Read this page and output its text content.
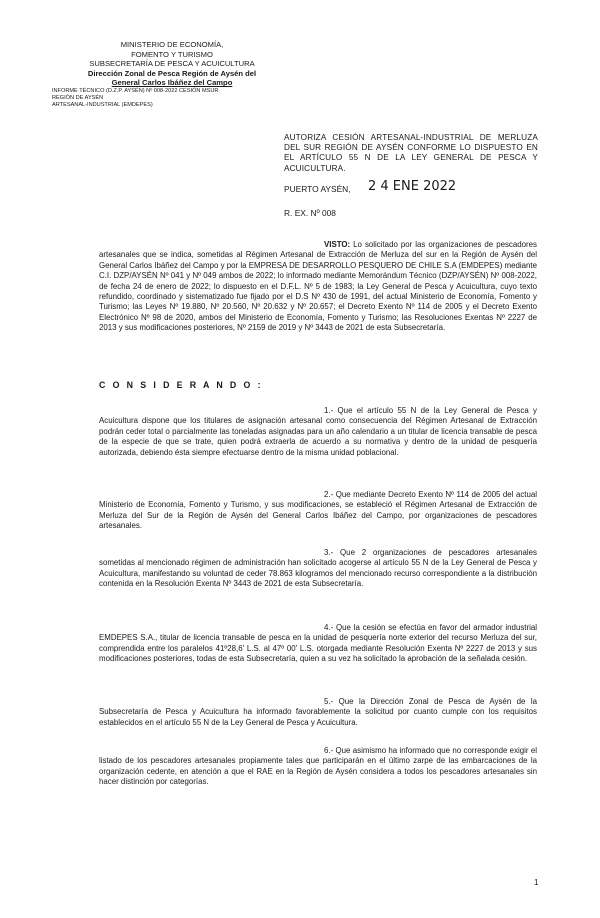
MINISTERIO DE ECONOMÍA,
FOMENTO Y TURISMO
SUBSECRETARÍA DE PESCA Y ACUICULTURA
Dirección Zonal de Pesca Región de Aysén del
General Carlos Ibáñez del Campo
INFORME TÉCNICO (D.Z.P. AYSÉN) Nº 008-2022 CESIÓN MSUR
REGIÓN DE AYSÉN
ARTESANAL-INDUSTRIAL (EMDEPES)
AUTORIZA CESIÓN ARTESANAL-INDUSTRIAL DE MERLUZA DEL SUR REGIÓN DE AYSÉN CONFORME LO DISPUESTO EN EL ARTÍCULO 55 N DE LA LEY GENERAL DE PESCA Y ACUICULTURA.
PUERTO AYSÉN, 2 4 ENE 2022
R. EX. Nº 008

VISTO: Lo solicitado por las organizaciones de pescadores artesanales que se indica, sometidas al Régimen Artesanal de Extracción de Merluza del sur en la Región de Aysén del General Carlos Ibáñez del Campo y por la EMPRESA DE DESARROLLO PESQUERO DE CHILE S.A (EMDEPES) mediante C.I. DZP/AYSÉN Nº 041 y Nº 049 ambos de 2022; lo informado mediante Memorándum Técnico (DZP/AYSÉN) Nº 008-2022, de fecha 24 de enero de 2022; lo dispuesto en el D.F.L. Nº 5 de 1983; la Ley General de Pesca y Acuicultura, cuyo texto refundido, coordinado y sistematizado fue fijado por el D.S Nº 430 de 1991, del actual Ministerio de Economía, Fomento y Turismo; las Leyes Nº 19.880, Nº 20.560, Nº 20.632 y Nº 20.657; el Decreto Exento Nº 114 de 2005 y el Decreto Exento Electrónico Nº 98 de 2020, ambos del Ministerio de Economía, Fomento y Turismo; las Resoluciones Exentas Nº 2227 de 2013 y sus modificaciones posteriores, Nº 2159 de 2019 y Nº 3443 de 2021 de esta Subsecretaría.

C O N S I D E R A N D O :

1.- Que el artículo 55 N de la Ley General de Pesca y Acuicultura dispone que los titulares de asignación artesanal como consecuencia del Régimen Artesanal de Extracción podrán ceder total o parcialmente las toneladas asignadas para un año calendario a un titular de licencia transable de pesca de la especie de que se trate, quien podrá extraerla de acuerdo a su normativa y dentro de la unidad de pesquería autorizada, debiendo ésta siempre efectuarse dentro de la misma unidad poblacional.

2.- Que mediante Decreto Exento Nº 114 de 2005 del actual Ministerio de Economía, Fomento y Turismo, y sus modificaciones, se estableció el Régimen Artesanal de Extracción de Merluza del Sur de la Región de Aysén del General Carlos Ibáñez del Campo, por organizaciones de pescadores artesanales.

3.- Que 2 organizaciones de pescadores artesanales sometidas al mencionado régimen de administración han solicitado acogerse al artículo 55 N de la Ley General de Pesca y Acuicultura, manifestando su voluntad de ceder 78.863 kilogramos del mencionado recurso correspondiente a la distribución contenida en la Resolución Exenta Nº 3443 de 2021 de esta Subsecretaría.

4.- Que la cesión se efectúa en favor del armador industrial EMDEPES S.A., titular de licencia transable de pesca en la unidad de pesquería norte exterior del recurso Merluza del sur, comprendida entre los paralelos 41º28,6' L.S. al 47º 00' L.S. otorgada mediante Resolución Exenta Nº 2227 de 2013 y sus modificaciones posteriores, todas de esta Subsecretaría, quien a su vez ha solicitado la aprobación de la señalada cesión.

5.- Que la Dirección Zonal de Pesca de Aysén de la Subsecretaría de Pesca y Acuicultura ha informado favorablemente la solicitud por cuanto cumple con los requisitos establecidos en el artículo 55 N de la Ley General de Pesca y Acuicultura.

6.- Que asimismo ha informado que no corresponde exigir el listado de los pescadores artesanales propiamente tales que participarán en el último zarpe de las embarcaciones de la organización cedente, en atención a que el RAE en la Región de Aysén considera a todos los pescadores artesanales sin hacer distinción por categorías.

1
